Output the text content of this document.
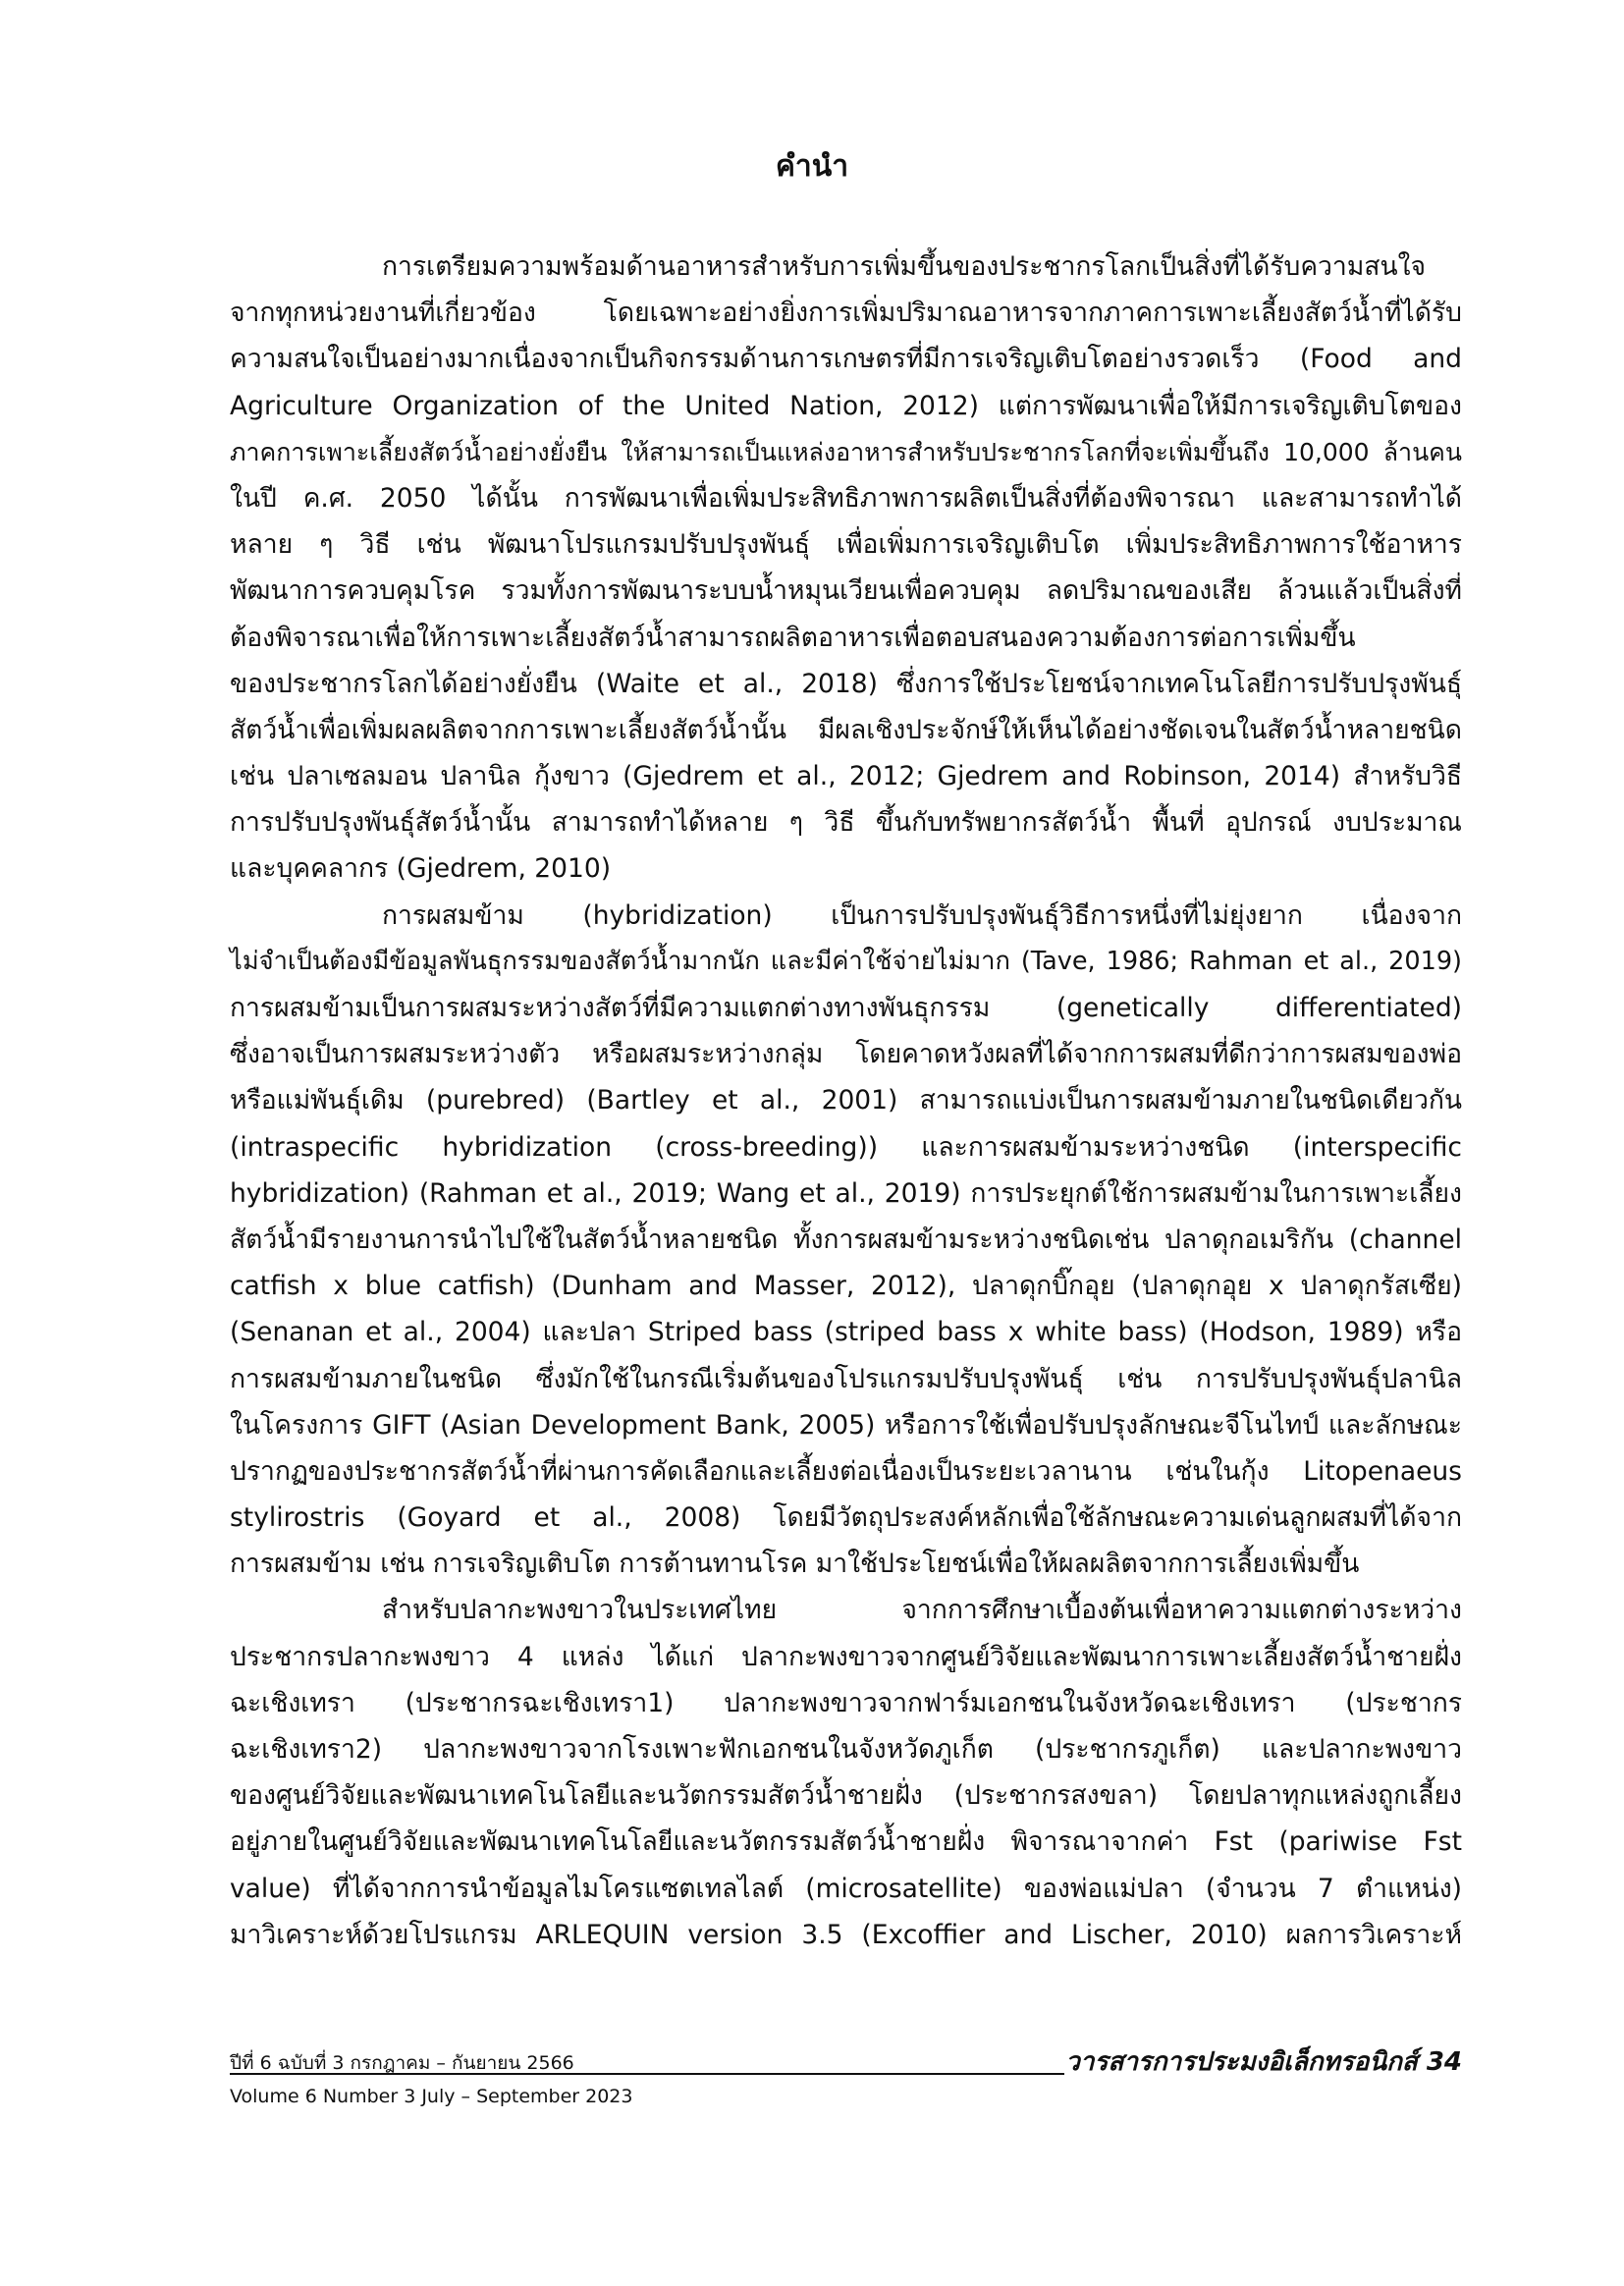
คำนำ
การเตรียมความพร้อมด้านอาหารสำหรับการเพิ่มขึ้นของประชากรโลกเป็นสิ่งที่ได้รับความสนใจ
จากทุกหน่วยงานที่เกี่ยวข้อง โดยเฉพาะอย่างยิ่งการเพิ่มปริมาณอาหารจากภาคการเพาะเลี้ยงสัตว์น้ำที่ได้รับ
ความสนใจเป็นอย่างมากเนื่องจากเป็นกิจกรรมด้านการเกษตรที่มีการเจริญเติบโตอย่างรวดเร็ว (Food and
Agriculture Organization of the United Nation, 2012) แต่การพัฒนาเพื่อให้มีการเจริญเติบโตของ
ภาคการเพาะเลี้ยงสัตว์น้ำอย่างยั่งยืน ให้สามารถเป็นแหล่งอาหารสำหรับประชากรโลกที่จะเพิ่มขึ้นถึง 10,000 ล้านคน
ในปี ค.ศ. 2050 ได้นั้น การพัฒนาเพื่อเพิ่มประสิทธิภาพการผลิตเป็นสิ่งที่ต้องพิจารณา และสามารถทำได้
หลาย ๆ วิธี เช่น พัฒนาโปรแกรมปรับปรุงพันธุ์ เพื่อเพิ่มการเจริญเติบโต เพิ่มประสิทธิภาพการใช้อาหาร
พัฒนาการควบคุมโรค รวมทั้งการพัฒนาระบบน้ำหมุนเวียนเพื่อควบคุม ลดปริมาณของเสีย ล้วนแล้วเป็นสิ่งที่
ต้องพิจารณาเพื่อให้การเพาะเลี้ยงสัตว์น้ำสามารถผลิตอาหารเพื่อตอบสนองความต้องการต่อการเพิ่มขึ้น
ของประชากรโลกได้อย่างยั่งยืน (Waite et al., 2018) ซึ่งการใช้ประโยชน์จากเทคโนโลยีการปรับปรุงพันธุ์
สัตว์น้ำเพื่อเพิ่มผลผลิตจากการเพาะเลี้ยงสัตว์น้ำนั้น มีผลเชิงประจักษ์ให้เห็นได้อย่างชัดเจนในสัตว์น้ำหลายชนิด
เช่น ปลาเซลมอน ปลานิล กุ้งขาว (Gjedrem et al., 2012; Gjedrem and Robinson, 2014) สำหรับวิธี
การปรับปรุงพันธุ์สัตว์น้ำนั้น สามารถทำได้หลาย ๆ วิธี ขึ้นกับทรัพยากรสัตว์น้ำ พื้นที่ อุปกรณ์ งบประมาณ
และบุคคลากร (Gjedrem, 2010)
การผสมข้าม (hybridization) เป็นการปรับปรุงพันธุ์วิธีการหนึ่งที่ไม่ยุ่งยาก เนื่องจาก
ไม่จำเป็นต้องมีข้อมูลพันธุกรรมของสัตว์น้ำมากนัก และมีค่าใช้จ่ายไม่มาก (Tave, 1986; Rahman et al., 2019)
การผสมข้ามเป็นการผสมระหว่างสัตว์ที่มีความแตกต่างทางพันธุกรรม (genetically differentiated)
ซึ่งอาจเป็นการผสมระหว่างตัว หรือผสมระหว่างกลุ่ม โดยคาดหวังผลที่ได้จากการผสมที่ดีกว่าการผสมของพ่อ
หรือแม่พันธุ์เดิม (purebred) (Bartley et al., 2001) สามารถแบ่งเป็นการผสมข้ามภายในชนิดเดียวกัน
(intraspecific hybridization (cross-breeding)) และการผสมข้ามระหว่างชนิด (interspecific
hybridization) (Rahman et al., 2019; Wang et al., 2019) การประยุกต์ใช้การผสมข้ามในการเพาะเลี้ยง
สัตว์น้ำมีรายงานการนำไปใช้ในสัตว์น้ำหลายชนิด ทั้งการผสมข้ามระหว่างชนิดเช่น ปลาดุกอเมริกัน (channel
catfish x blue catfish) (Dunham and Masser, 2012), ปลาดุกบิ๊กอุย (ปลาดุกอุย x ปลาดุกรัสเซีย)
(Senanan et al., 2004) และปลา Striped bass (striped bass x white bass) (Hodson, 1989) หรือ
การผสมข้ามภายในชนิด ซึ่งมักใช้ในกรณีเริ่มต้นของโปรแกรมปรับปรุงพันธุ์ เช่น การปรับปรุงพันธุ์ปลานิล
ในโครงการ GIFT (Asian Development Bank, 2005) หรือการใช้เพื่อปรับปรุงลักษณะจีโนไทป์ และลักษณะ
ปรากฏของประชากรสัตว์น้ำที่ผ่านการคัดเลือกและเลี้ยงต่อเนื่องเป็นระยะเวลานาน เช่นในกุ้ง Litopenaeus
stylirostris (Goyard et al., 2008) โดยมีวัตถุประสงค์หลักเพื่อใช้ลักษณะความเด่นลูกผสมที่ได้จาก
การผสมข้าม เช่น การเจริญเติบโต การต้านทานโรค มาใช้ประโยชน์เพื่อให้ผลผลิตจากการเลี้ยงเพิ่มขึ้น
สำหรับปลากะพงขาวในประเทศไทย จากการศึกษาเบื้องต้นเพื่อหาความแตกต่างระหว่าง
ประชากรปลากะพงขาว 4 แหล่ง ได้แก่ ปลากะพงขาวจากศูนย์วิจัยและพัฒนาการเพาะเลี้ยงสัตว์น้ำชายฝั่ง
ฉะเชิงเทรา (ประชากรฉะเชิงเทรา1) ปลากะพงขาวจากฟาร์มเอกชนในจังหวัดฉะเชิงเทรา (ประชากร
ฉะเชิงเทรา2) ปลากะพงขาวจากโรงเพาะฟักเอกชนในจังหวัดภูเก็ต (ประชากรภูเก็ต) และปลากะพงขาว
ของศูนย์วิจัยและพัฒนาเทคโนโลยีและนวัตกรรมสัตว์น้ำชายฝั่ง (ประชากรสงขลา) โดยปลาทุกแหล่งถูกเลี้ยง
อยู่ภายในศูนย์วิจัยและพัฒนาเทคโนโลยีและนวัตกรรมสัตว์น้ำชายฝั่ง พิจารณาจากค่า Fst (pariwise Fst
value) ที่ได้จากการนำข้อมูลไมโครแซตเทลไลต์ (microsatellite) ของพ่อแม่ปลา (จำนวน 7 ตำแหน่ง)
มาวิเคราะห์ด้วยโปรแกรม ARLEQUIN version 3.5 (Excoffier and Lischer, 2010) ผลการวิเคราะห์
ปีที่ 6 ฉบับที่ 3 กรกฎาคม – กันยายน 2566
Volume 6 Number 3 July – September 2023
วารสารการประมงอิเล็กทรอนิกส์ 34
